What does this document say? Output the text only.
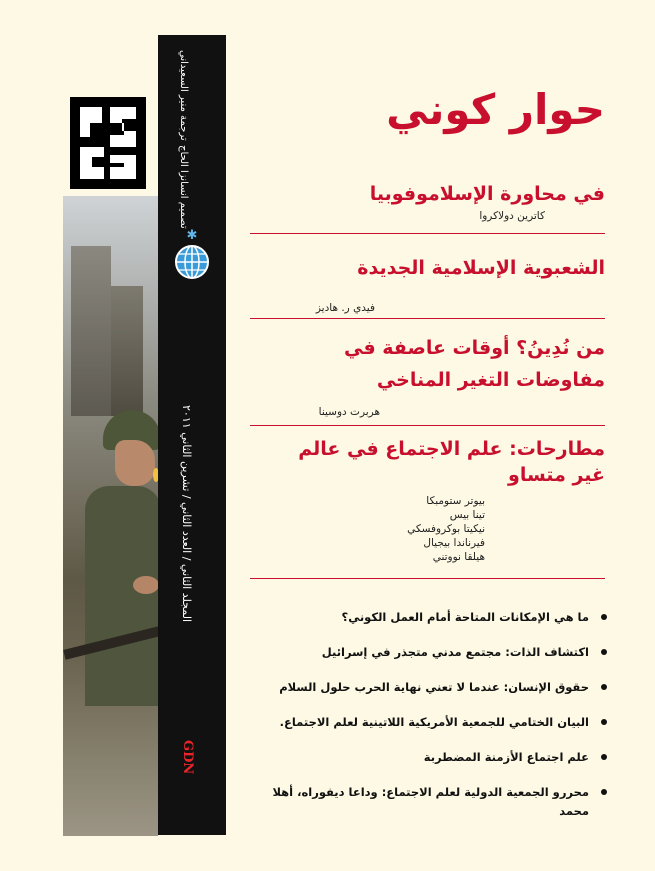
ترجمة منير السعيداني
تصميم انسانزا الحاج
✱
المجلد الثاني / العدد الثاني / تشرين الثاني ٢٠١١
GDN
حوار كوني

في محاورة الإسلاموفوبيا

كاترين دولاكروا

الشعبوية الإسلامية الجديدة

فيدي ر. هاديز

من نُدِينُ؟ أوقات عاصفة في

مفاوضات التغير المناخي

هربرت دوسينا

مطارحات: علم الاجتماع في عالم

غير متساو

بيوتر ستومبكا
تينا بيس
نيكيتا بوكروفسكي
فيرناندا بيجيال
هيلقا نووتني
ما هي الإمكانات المتاحة أمام العمل الكوني؟
اكتشاف الذات: مجتمع مدني متجذر في إسرائيل
حقوق الإنسان: عندما لا تعني نهاية الحرب حلول السلام
البيان الختامي للجمعية الأمريكية اللاتينية لعلم الاجتماع.
علم اجتماع الأزمنة المضطربة
محررو الجمعية الدولية لعلم الاجتماع: وداعا ديفوراه، أهلا محمد
